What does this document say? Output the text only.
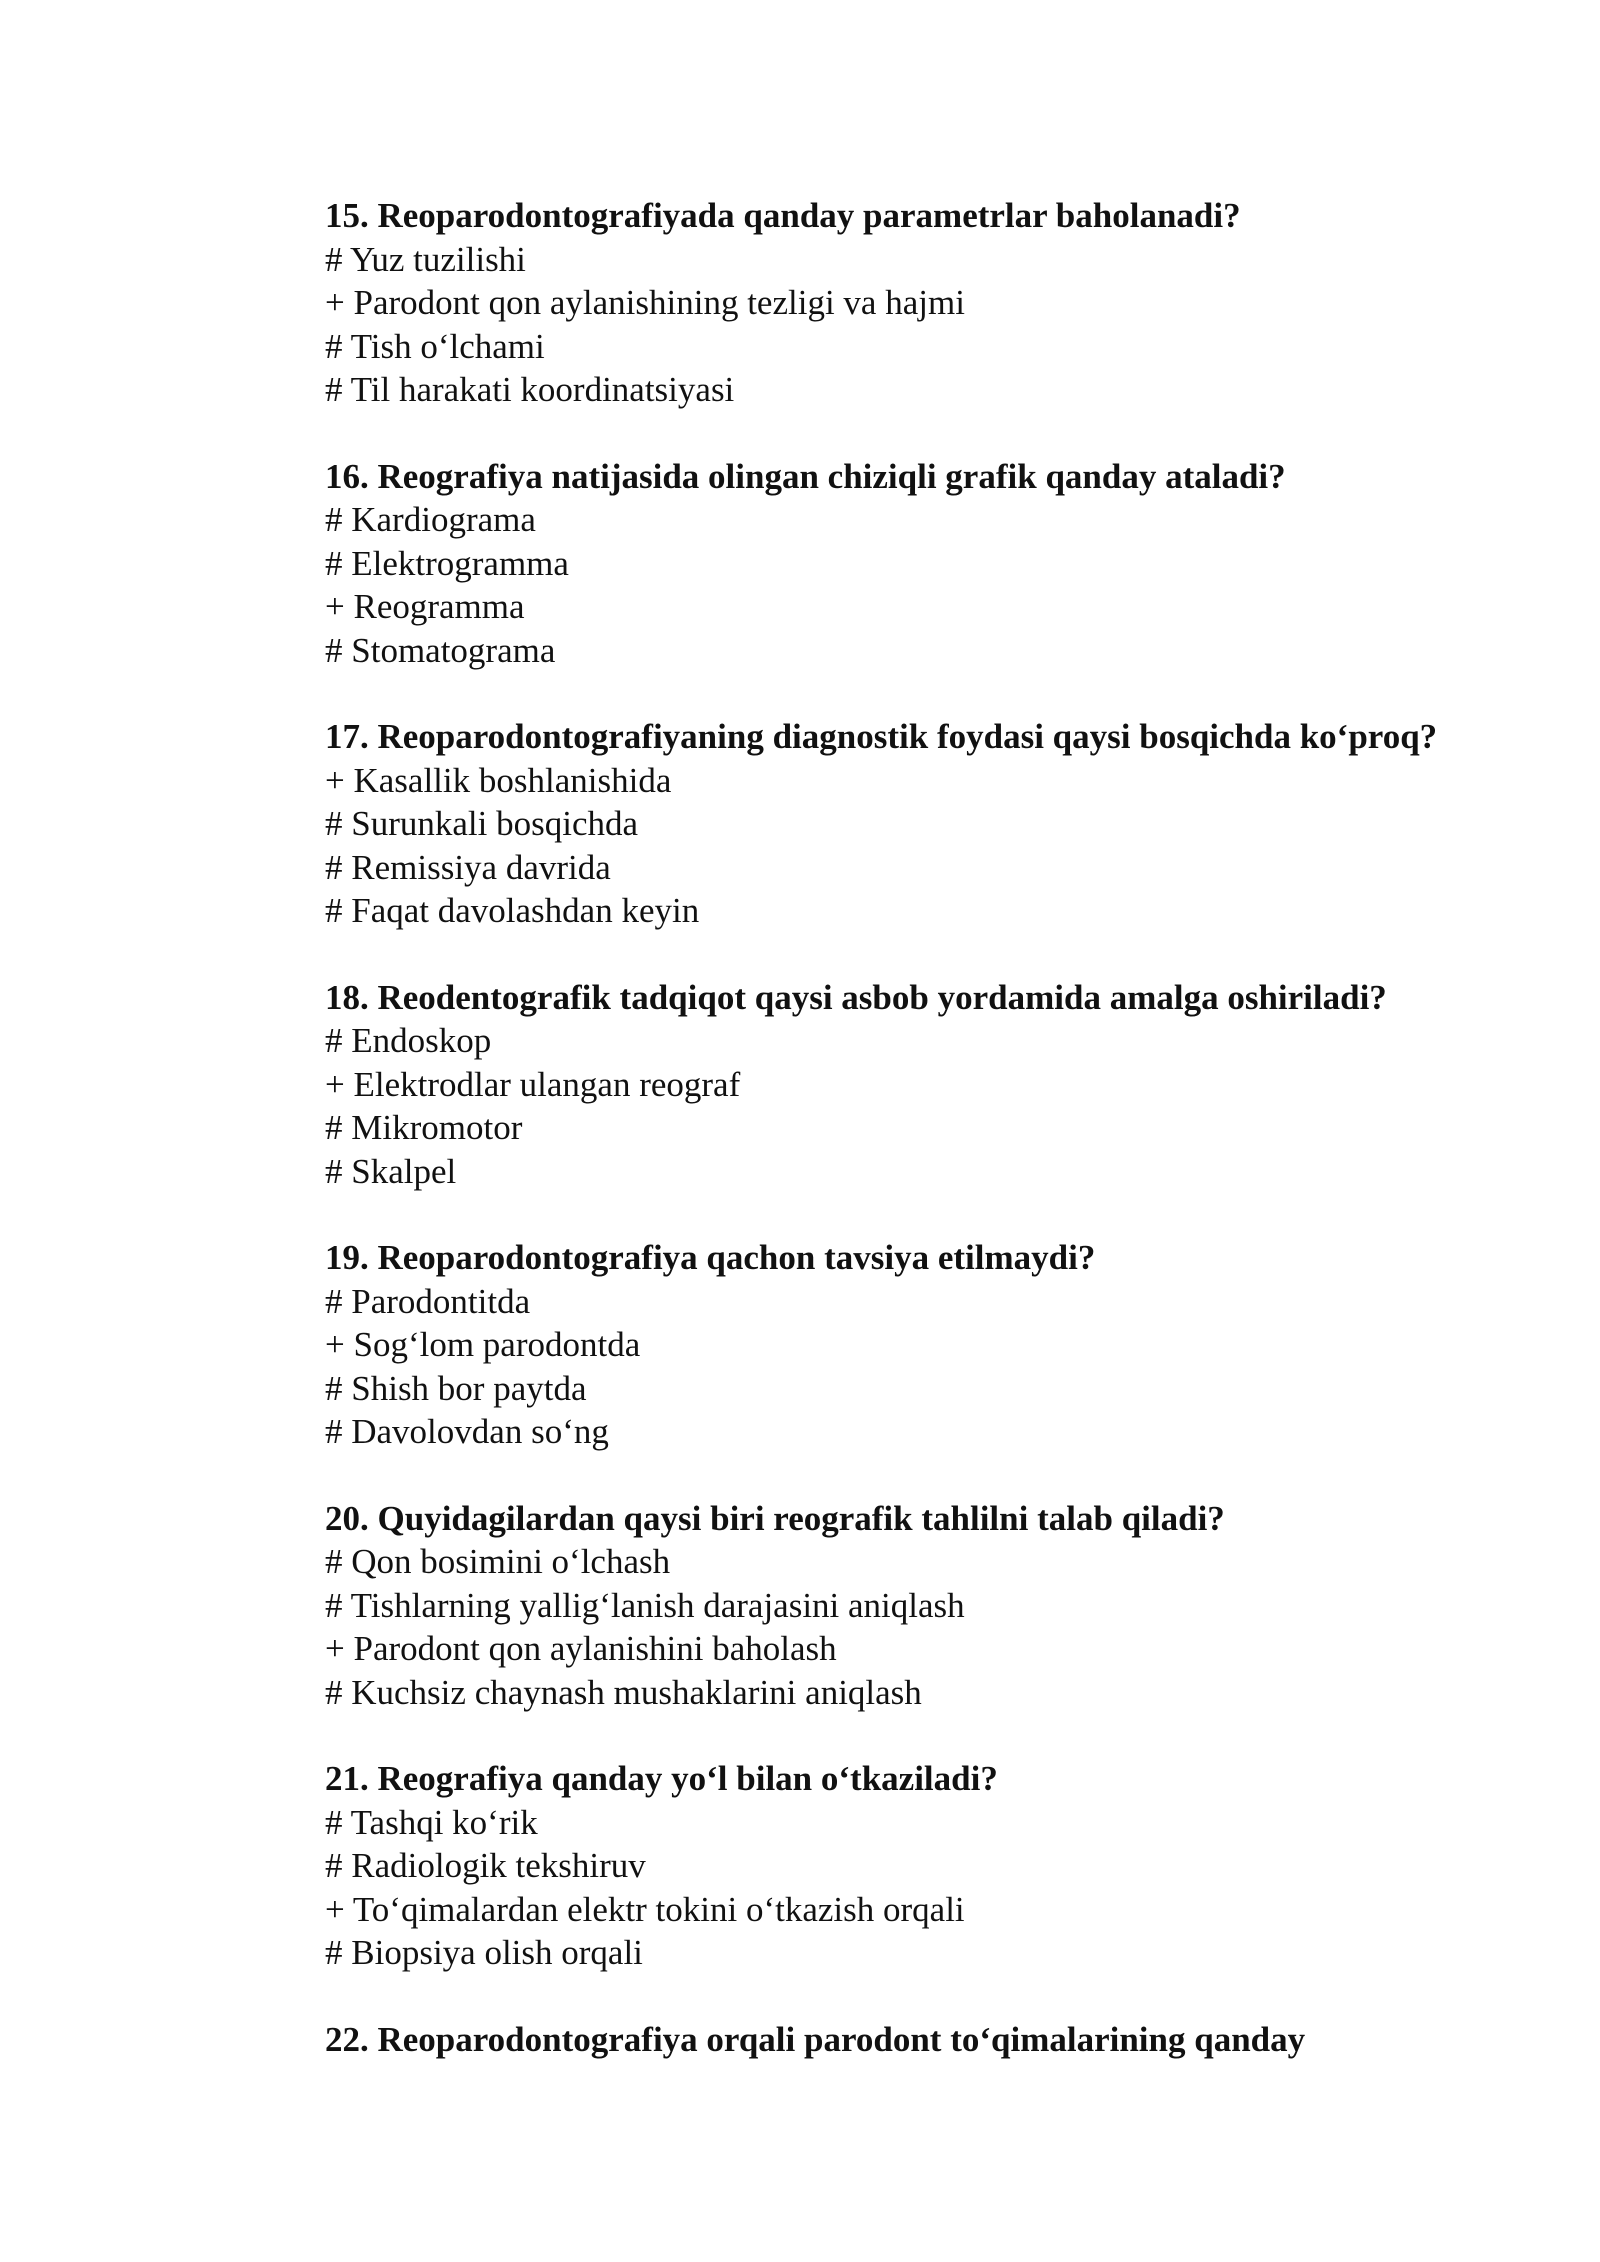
15. Reoparodontografiyada qanday parametrlar baholanadi?

# Yuz tuzilishi

+ Parodont qon aylanishining tezligi va hajmi

# Tish o‘lchami

# Til harakati koordinatsiyasi

16. Reografiya natijasida olingan chiziqli grafik qanday ataladi?

# Kardiograma

# Elektrogramma

+ Reogramma

# Stomatograma

17. Reoparodontografiyaning diagnostik foydasi qaysi bosqichda ko‘proq?

+ Kasallik boshlanishida

# Surunkali bosqichda

# Remissiya davrida

# Faqat davolashdan keyin

18. Reodentografik tadqiqot qaysi asbob yordamida amalga oshiriladi?

# Endoskop

+ Elektrodlar ulangan reograf

# Mikromotor

# Skalpel

19. Reoparodontografiya qachon tavsiya etilmaydi?

# Parodontitda

+ Sog‘lom parodontda

# Shish bor paytda

# Davolovdan so‘ng

20. Quyidagilardan qaysi biri reografik tahlilni talab qiladi?

# Qon bosimini o‘lchash

# Tishlarning yallig‘lanish darajasini aniqlash

+ Parodont qon aylanishini baholash

# Kuchsiz chaynash mushaklarini aniqlash

21. Reografiya qanday yo‘l bilan o‘tkaziladi?

# Tashqi ko‘rik

# Radiologik tekshiruv

+ To‘qimalardan elektr tokini o‘tkazish orqali

# Biopsiya olish orqali

22. Reoparodontografiya orqali parodont to‘qimalarining qanday
